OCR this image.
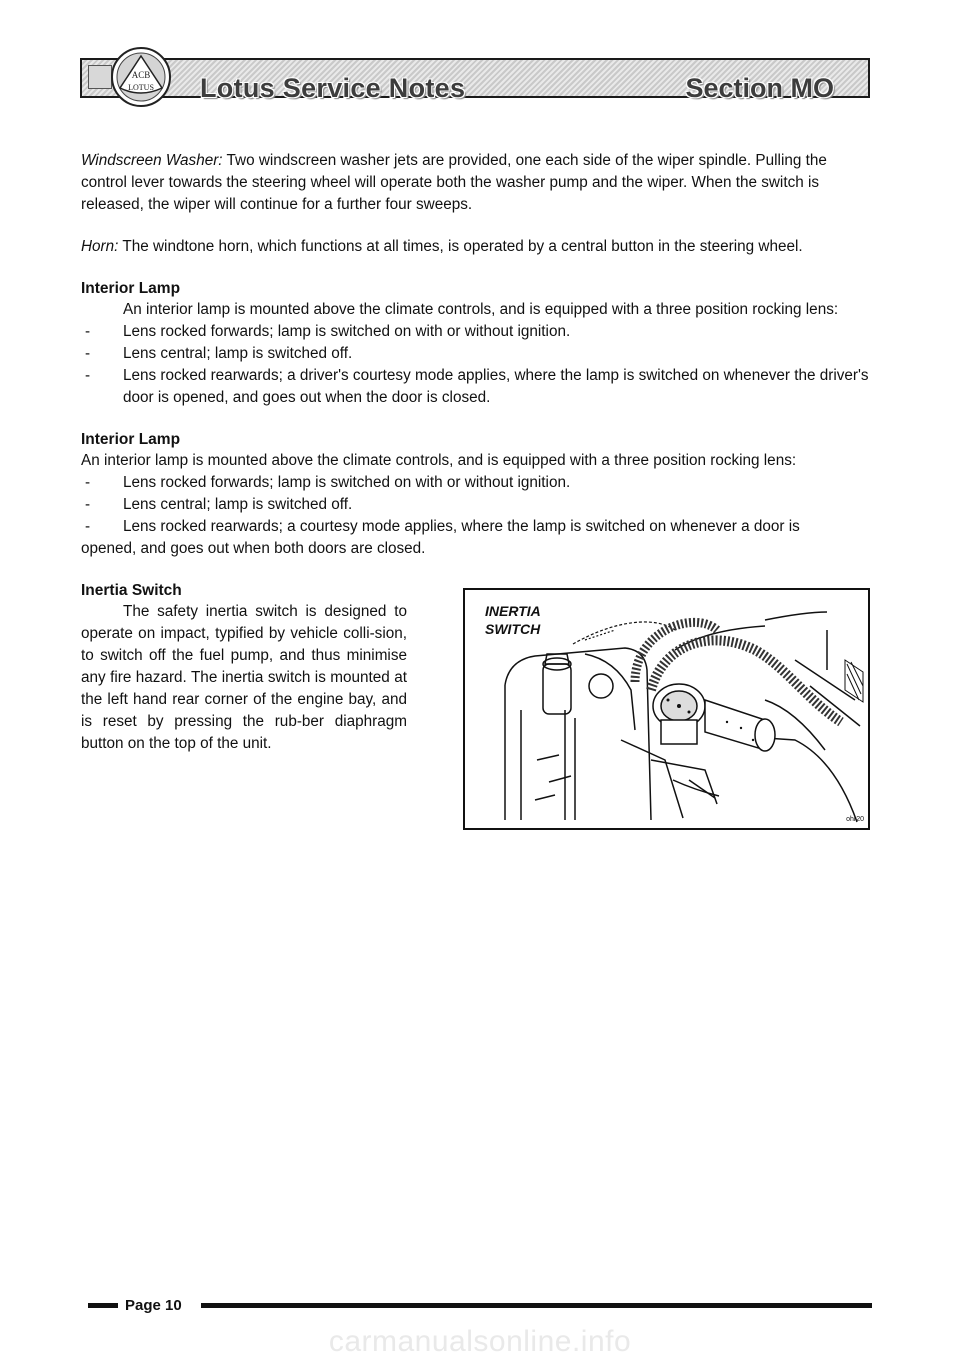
Lotus Service Notes	Section MO
ACB
LOTUS

Windscreen Washer: Two windscreen washer jets are provided, one each side of the wiper spindle. Pulling the control lever towards the steering wheel will operate both the washer pump and the wiper. When the switch is released, the wiper will continue for a further four sweeps.

Horn: The windtone horn, which functions at all times, is operated by a central button in the steering wheel.

Interior Lamp

An interior lamp is mounted above the climate controls, and is equipped with a three position rocking lens:

- Lens rocked forwards; lamp is switched on with or without ignition.
- Lens central; lamp is switched off.
- Lens rocked rearwards; a driver's courtesy mode applies, where the lamp is switched on whenever the driver's door is opened, and goes out when the door is closed.
Interior Lamp

An interior lamp is mounted above the climate controls, and is equipped with a three position rocking lens:

- Lens rocked forwards; lamp is switched on with or without ignition.
- Lens central; lamp is switched off.
- Lens rocked rearwards; a courtesy mode applies, where the lamp is switched on whenever a door is

opened, and goes out when both doors are closed.

Inertia Switch

The safety inertia switch is designed to operate on impact, typified by vehicle colli-sion, to switch off the fuel pump, and thus minimise any fire hazard. The inertia switch is mounted at the left hand rear corner of the engine bay, and is reset by pressing the rub-ber diaphragm button on the top of the unit.

INERTIA
SWITCH
ohr20
Page 10
carmanualsonline.info
